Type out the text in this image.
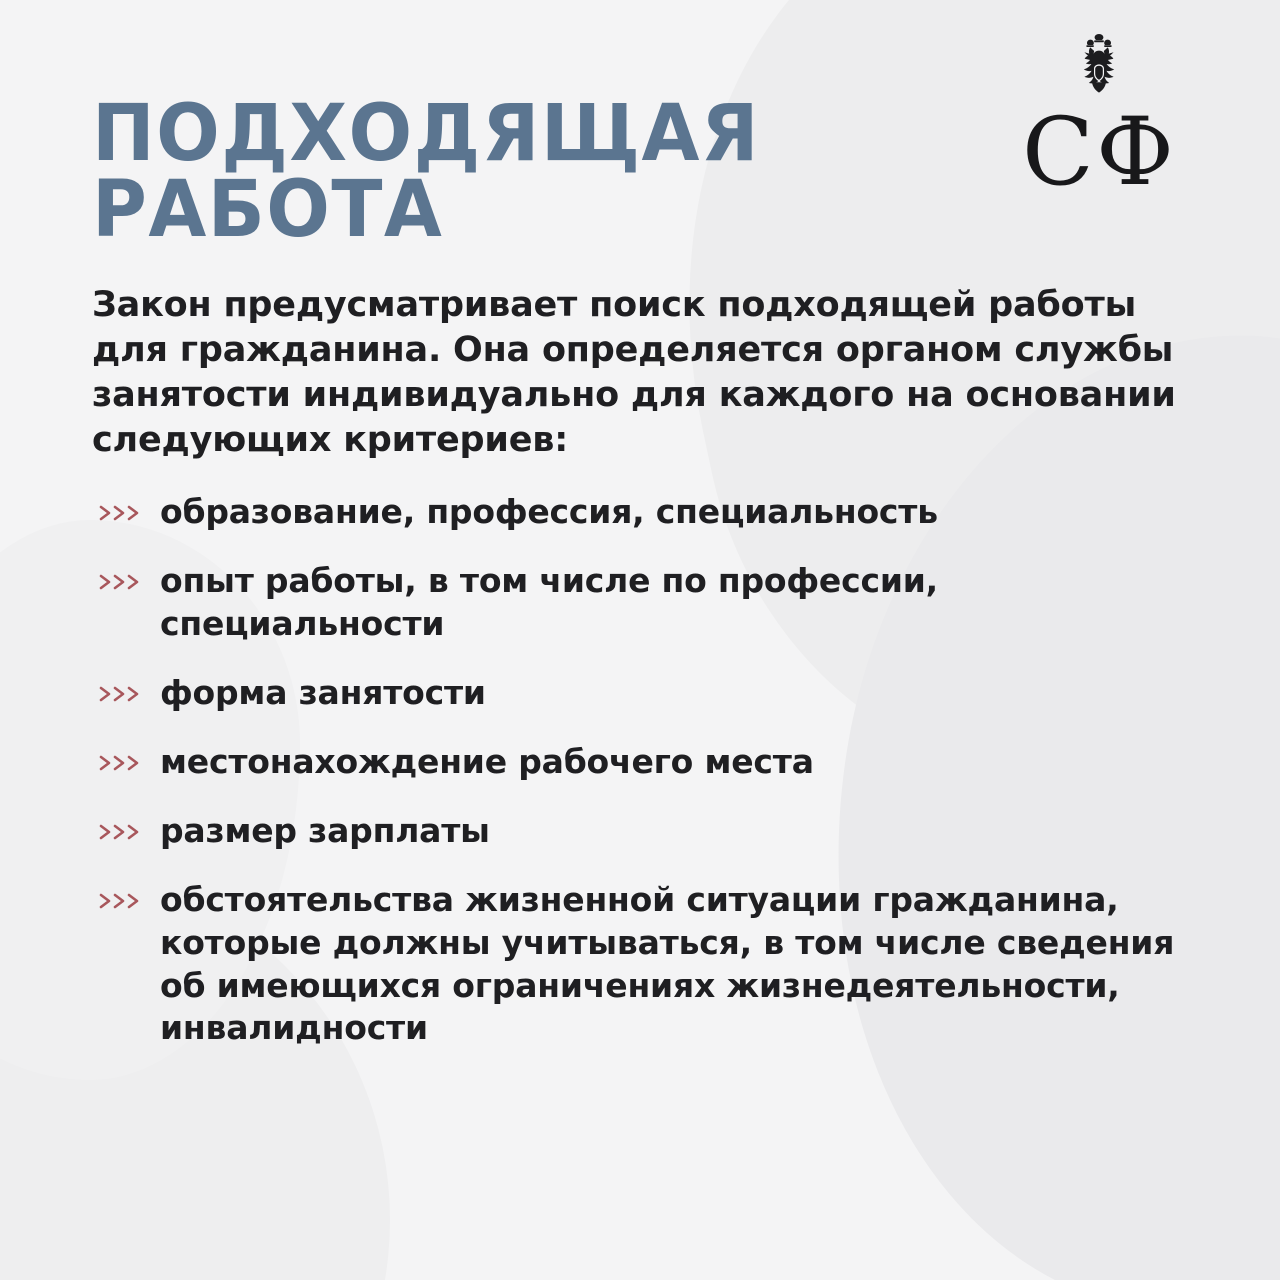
СФ
ПОДХОДЯЩАЯ
РАБОТА

Закон предусматривает поиск подходящей работы для гражданина. Она определяется органом службы занятости индивидуально для каждого на основании следующих критериев:

образование, профессия, специальность
опыт работы, в том числе по профессии, специальности
форма занятости
местонахождение рабочего места
размер зарплаты
обстоятельства жизненной ситуации гражданина, которые должны учитываться, в том числе сведения об имеющихся ограничениях жизнедеятельности, инвалидности
